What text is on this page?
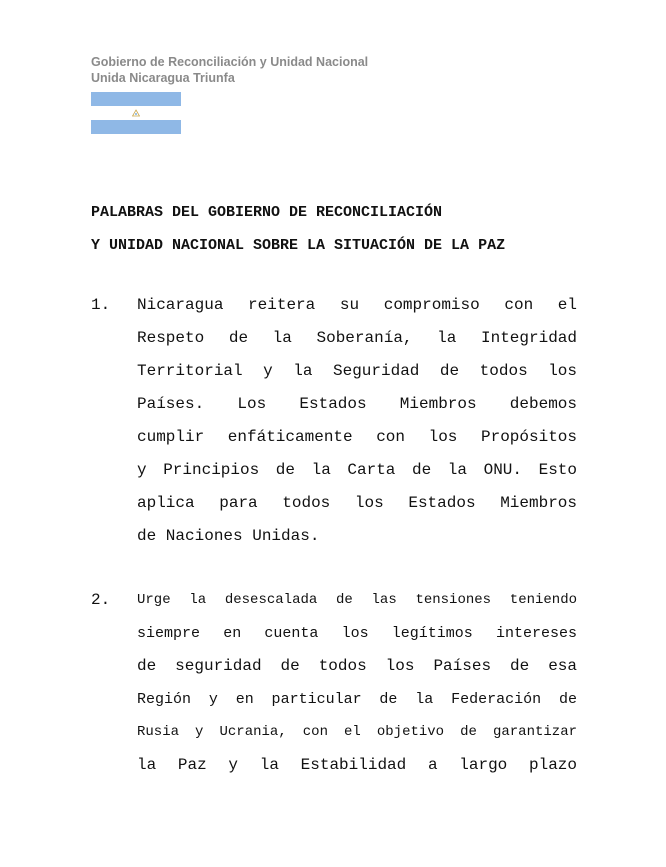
Gobierno de Reconciliación y Unidad Nacional
Unida Nicaragua Triunfa
PALABRAS DEL GOBIERNO DE RECONCILIACIÓN
Y UNIDAD NACIONAL SOBRE LA SITUACIÓN DE LA PAZ
1. Nicaragua reitera su compromiso con el
Respeto de la Soberanía, la Integridad
Territorial y la Seguridad de todos los
Países. Los Estados Miembros debemos
cumplir enfáticamente con los Propósitos
y Principios de la Carta de la ONU. Esto
aplica para todos los Estados Miembros
de Naciones Unidas.
2. Urge la desescalada de las tensiones teniendo
siempre en cuenta los legítimos intereses
de seguridad de todos los Países de esa
Región y en particular de la Federación de
Rusia y Ucrania, con el objetivo de garantizar
la Paz y la Estabilidad a largo plazo
